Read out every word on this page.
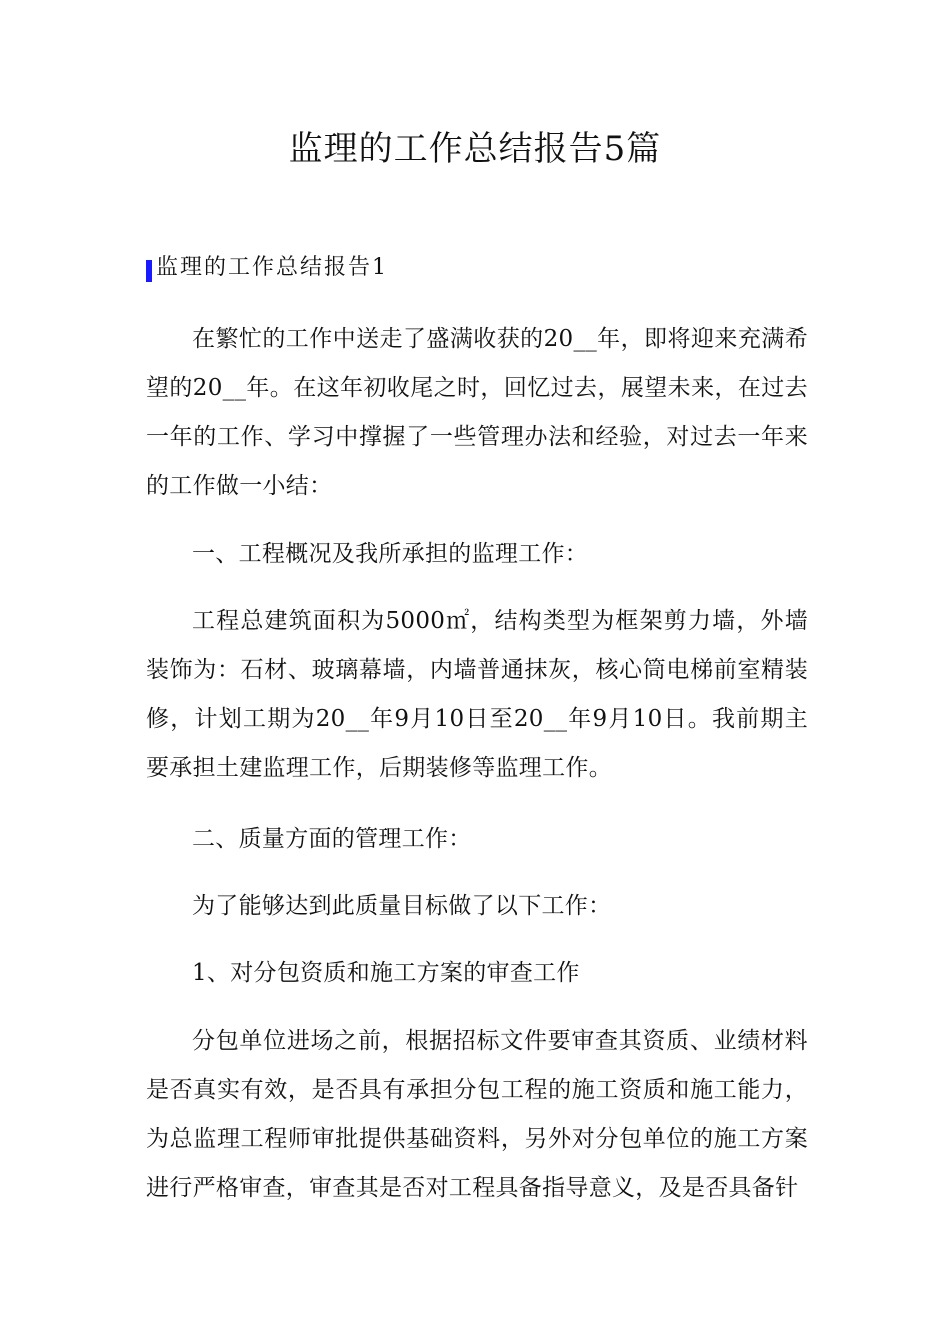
监理的工作总结报告5篇
监理的工作总结报告1

在繁忙的工作中送走了盛满收获的20__年，即将迎来充满希望的20__年。在这年初收尾之时，回忆过去，展望未来，在过去一年的工作、学习中撑握了一些管理办法和经验，对过去一年来的工作做一小结：

一、工程概况及我所承担的监理工作：

工程总建筑面积为5000㎡，结构类型为框架剪力墙，外墙装饰为：石材、玻璃幕墙，内墙普通抹灰，核心筒电梯前室精装修，计划工期为20__年9月10日至20__年9月10日。我前期主要承担土建监理工作，后期装修等监理工作。

二、质量方面的管理工作：

为了能够达到此质量目标做了以下工作：

1、对分包资质和施工方案的审查工作

分包单位进场之前，根据招标文件要审查其资质、业绩材料是否真实有效，是否具有承担分包工程的施工资质和施工能力，为总监理工程师审批提供基础资料，另外对分包单位的施工方案进行严格审查，审查其是否对工程具备指导意义，及是否具备针
